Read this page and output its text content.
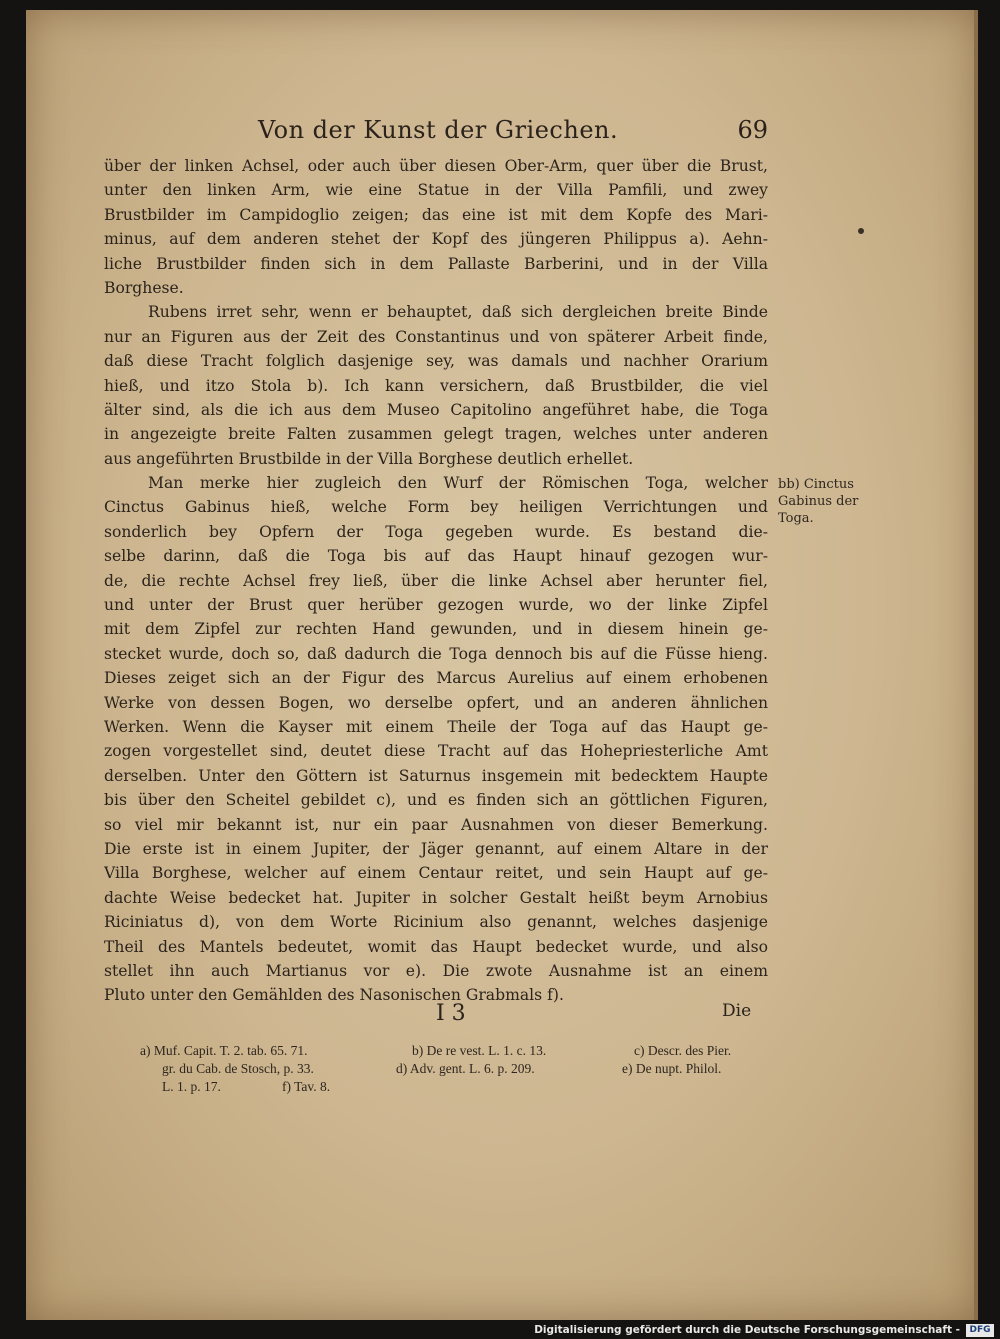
Von der Kunst der Griechen.	69
über der linken Achsel, oder auch über diesen Ober-Arm, quer über die Brust,
unter den linken Arm, wie eine Statue in der Villa Pamfili, und zwey
Brustbilder im Campidoglio zeigen; das eine ist mit dem Kopfe des Mari-
minus, auf dem anderen stehet der Kopf des jüngeren Philippus a). Aehn-
liche Brustbilder finden sich in dem Pallaste Barberini, und in der Villa
Borghese.
Rubens irret sehr, wenn er behauptet, daß sich dergleichen breite Binde
nur an Figuren aus der Zeit des Constantinus und von späterer Arbeit finde,
daß diese Tracht folglich dasjenige sey, was damals und nachher Orarium
hieß, und itzo Stola b). Ich kann versichern, daß Brustbilder, die viel
älter sind, als die ich aus dem Museo Capitolino angeführet habe, die Toga
in angezeigte breite Falten zusammen gelegt tragen, welches unter anderen
aus angeführten Brustbilde in der Villa Borghese deutlich erhellet.
Man merke hier zugleich den Wurf der Römischen Toga, welcher
Cinctus Gabinus hieß, welche Form bey heiligen Verrichtungen und
sonderlich bey Opfern der Toga gegeben wurde. Es bestand die-
selbe darinn, daß die Toga bis auf das Haupt hinauf gezogen wur-
de, die rechte Achsel frey ließ, über die linke Achsel aber herunter fiel,
und unter der Brust quer herüber gezogen wurde, wo der linke Zipfel
mit dem Zipfel zur rechten Hand gewunden, und in diesem hinein ge-
stecket wurde, doch so, daß dadurch die Toga dennoch bis auf die Füsse hieng.
Dieses zeiget sich an der Figur des Marcus Aurelius auf einem erhobenen
Werke von dessen Bogen, wo derselbe opfert, und an anderen ähnlichen
Werken. Wenn die Kayser mit einem Theile der Toga auf das Haupt ge-
zogen vorgestellet sind, deutet diese Tracht auf das Hohepriesterliche Amt
derselben. Unter den Göttern ist Saturnus insgemein mit bedecktem Haupte
bis über den Scheitel gebildet c), und es finden sich an göttlichen Figuren,
so viel mir bekannt ist, nur ein paar Ausnahmen von dieser Bemerkung.
Die erste ist in einem Jupiter, der Jäger genannt, auf einem Altare in der
Villa Borghese, welcher auf einem Centaur reitet, und sein Haupt auf ge-
dachte Weise bedecket hat. Jupiter in solcher Gestalt heißt beym Arnobius
Riciniatus d), von dem Worte Ricinium also genannt, welches dasjenige
Theil des Mantels bedeutet, womit das Haupt bedecket wurde, und also
stellet ihn auch Martianus vor e). Die zwote Ausnahme ist an einem
Pluto unter den Gemählden des Nasonischen Grabmals f).
bb) Cinctus
Gabinus der
Toga.
I 3	Die
a) Muf. Capit. T. 2. tab. 65. 71.	b) De re vest. L. 1. c. 13.	c) Descr. des Pier.
gr. du Cab. de Stosch, p. 33.	d) Adv. gent. L. 6. p. 209.	e) De nupt. Philol.
L. 1. p. 17.	f) Tav. 8.
Digitalisierung gefördert durch die Deutsche Forschungsgemeinschaft -	DFG
